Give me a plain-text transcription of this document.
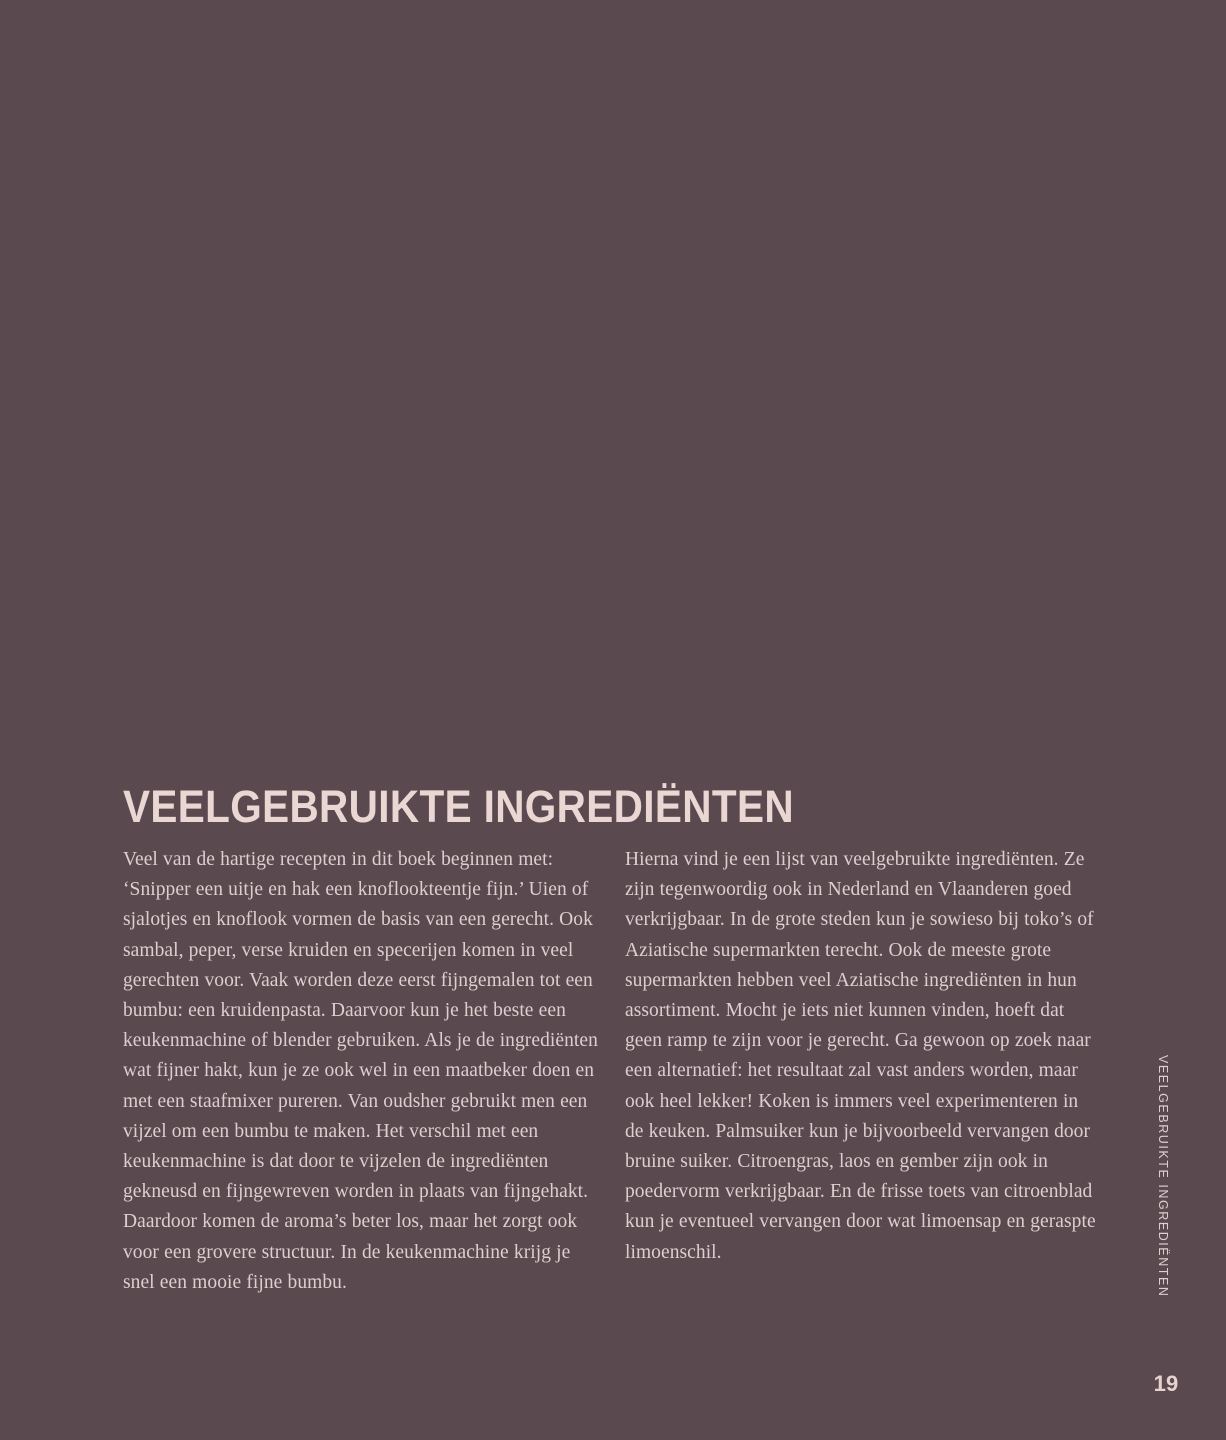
VEELGEBRUIKTE INGREDIËNTEN

Veel van de hartige recepten in dit boek beginnen met: ‘Snipper een uitje en hak een knoflookteentje fijn.’ Uien of sjalotjes en knoflook vormen de basis van een gerecht. Ook sambal, peper, verse kruiden en specerijen komen in veel gerechten voor. Vaak worden deze eerst fijngemalen tot een bumbu: een kruidenpasta. Daarvoor kun je het beste een keukenmachine of blender gebruiken. Als je de ingrediënten wat fijner hakt, kun je ze ook wel in een maatbeker doen en met een staafmixer pureren. Van oudsher gebruikt men een vijzel om een bumbu te maken. Het verschil met een keukenmachine is dat door te vijzelen de ingrediënten gekneusd en fijngewreven worden in plaats van fijngehakt. Daardoor komen de aroma’s beter los, maar het zorgt ook voor een grovere structuur. In de keukenmachine krijg je snel een mooie fijne bumbu.

Hierna vind je een lijst van veelgebruikte ingrediënten. Ze zijn tegenwoordig ook in Nederland en Vlaanderen goed verkrijgbaar. In de grote steden kun je sowieso bij toko’s of Aziatische supermarkten terecht. Ook de meeste grote supermarkten hebben veel Aziatische ingrediënten in hun assortiment. Mocht je iets niet kunnen vinden, hoeft dat geen ramp te zijn voor je gerecht. Ga gewoon op zoek naar een alternatief: het resultaat zal vast anders worden, maar ook heel lekker! Koken is immers veel experimenteren in de keuken. Palmsuiker kun je bijvoorbeeld vervangen door bruine suiker. Citroengras, laos en gember zijn ook in poedervorm verkrijgbaar. En de frisse toets van citroenblad kun je eventueel vervangen door wat limoensap en geraspte limoenschil.	VEELGEBRUIKTE INGREDIËNTEN
19
